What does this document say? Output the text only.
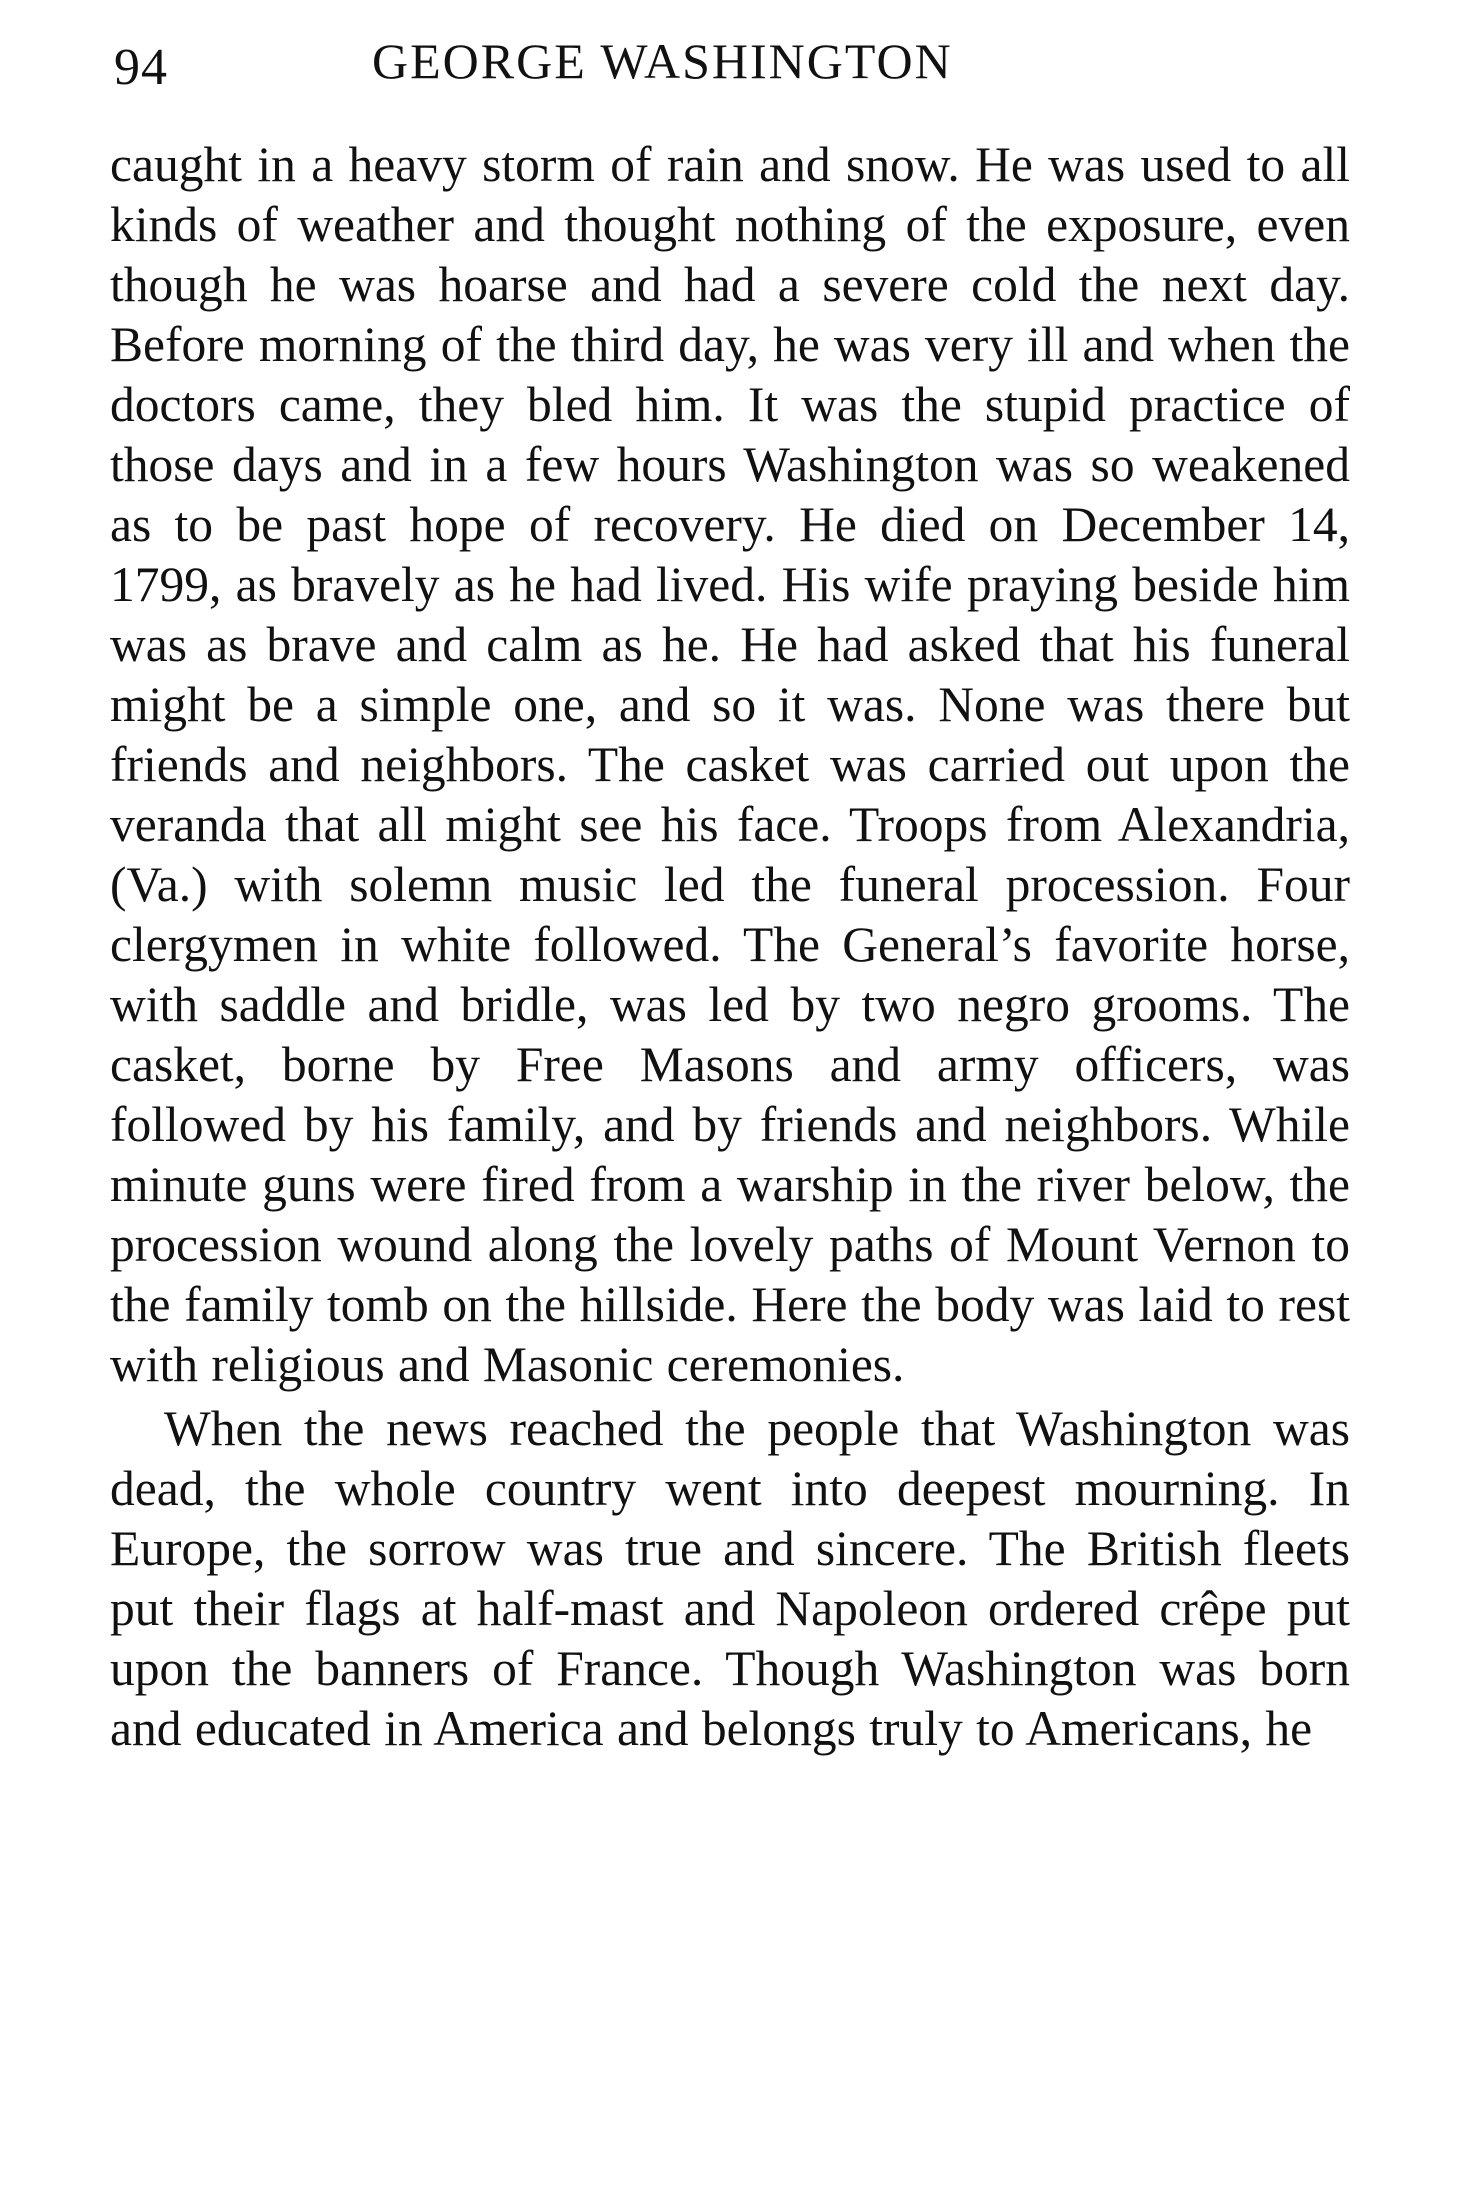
94	GEORGE WASHINGTON

caught in a heavy storm of rain and snow. He was used to all kinds of weather and thought nothing of the exposure, even though he was hoarse and had a severe cold the next day. Before morning of the third day, he was very ill and when the doctors came, they bled him. It was the stupid practice of those days and in a few hours Washington was so weakened as to be past hope of recovery. He died on December 14, 1799, as bravely as he had lived. His wife praying beside him was as brave and calm as he. He had asked that his funeral might be a simple one, and so it was. None was there but friends and neighbors. The casket was carried out upon the veranda that all might see his face. Troops from Alexandria, (Va.) with solemn music led the funeral procession. Four clergymen in white followed. The General’s favorite horse, with saddle and bridle, was led by two negro grooms. The casket, borne by Free Masons and army officers, was followed by his family, and by friends and neighbors. While minute guns were fired from a warship in the river below, the procession wound along the lovely paths of Mount Vernon to the family tomb on the hillside. Here the body was laid to rest with religious and Masonic ceremonies.

When the news reached the people that Washington was dead, the whole country went into deepest mourning. In Europe, the sorrow was true and sincere. The British fleets put their flags at half-mast and Napoleon ordered crêpe put upon the banners of France. Though Washington was born and educated in America and belongs truly to Americans, he
